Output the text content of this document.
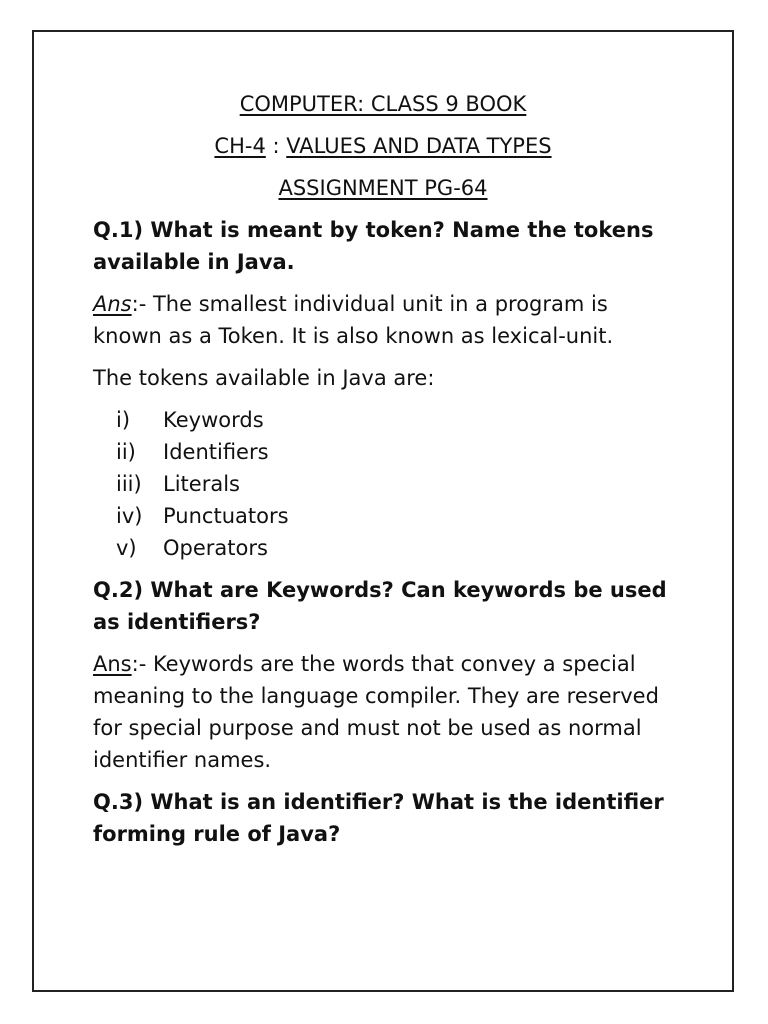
COMPUTER: CLASS 9 BOOK
CH-4 : VALUES AND DATA TYPES
ASSIGNMENT PG-64
Q.1) What is meant by token? Name the tokens available in Java.
Ans:- The smallest individual unit in a program is known as a Token. It is also known as lexical-unit.
The tokens available in Java are:
i)	Keywords
ii)	Identifiers
iii)	Literals
iv) Punctuators
v)	Operators
Q.2) What are Keywords? Can keywords be used as identifiers?
Ans:- Keywords are the words that convey a special meaning to the language compiler. They are reserved for special purpose and must not be used as normal identifier names.
Q.3) What is an identifier? What is the identifier forming rule of Java?
